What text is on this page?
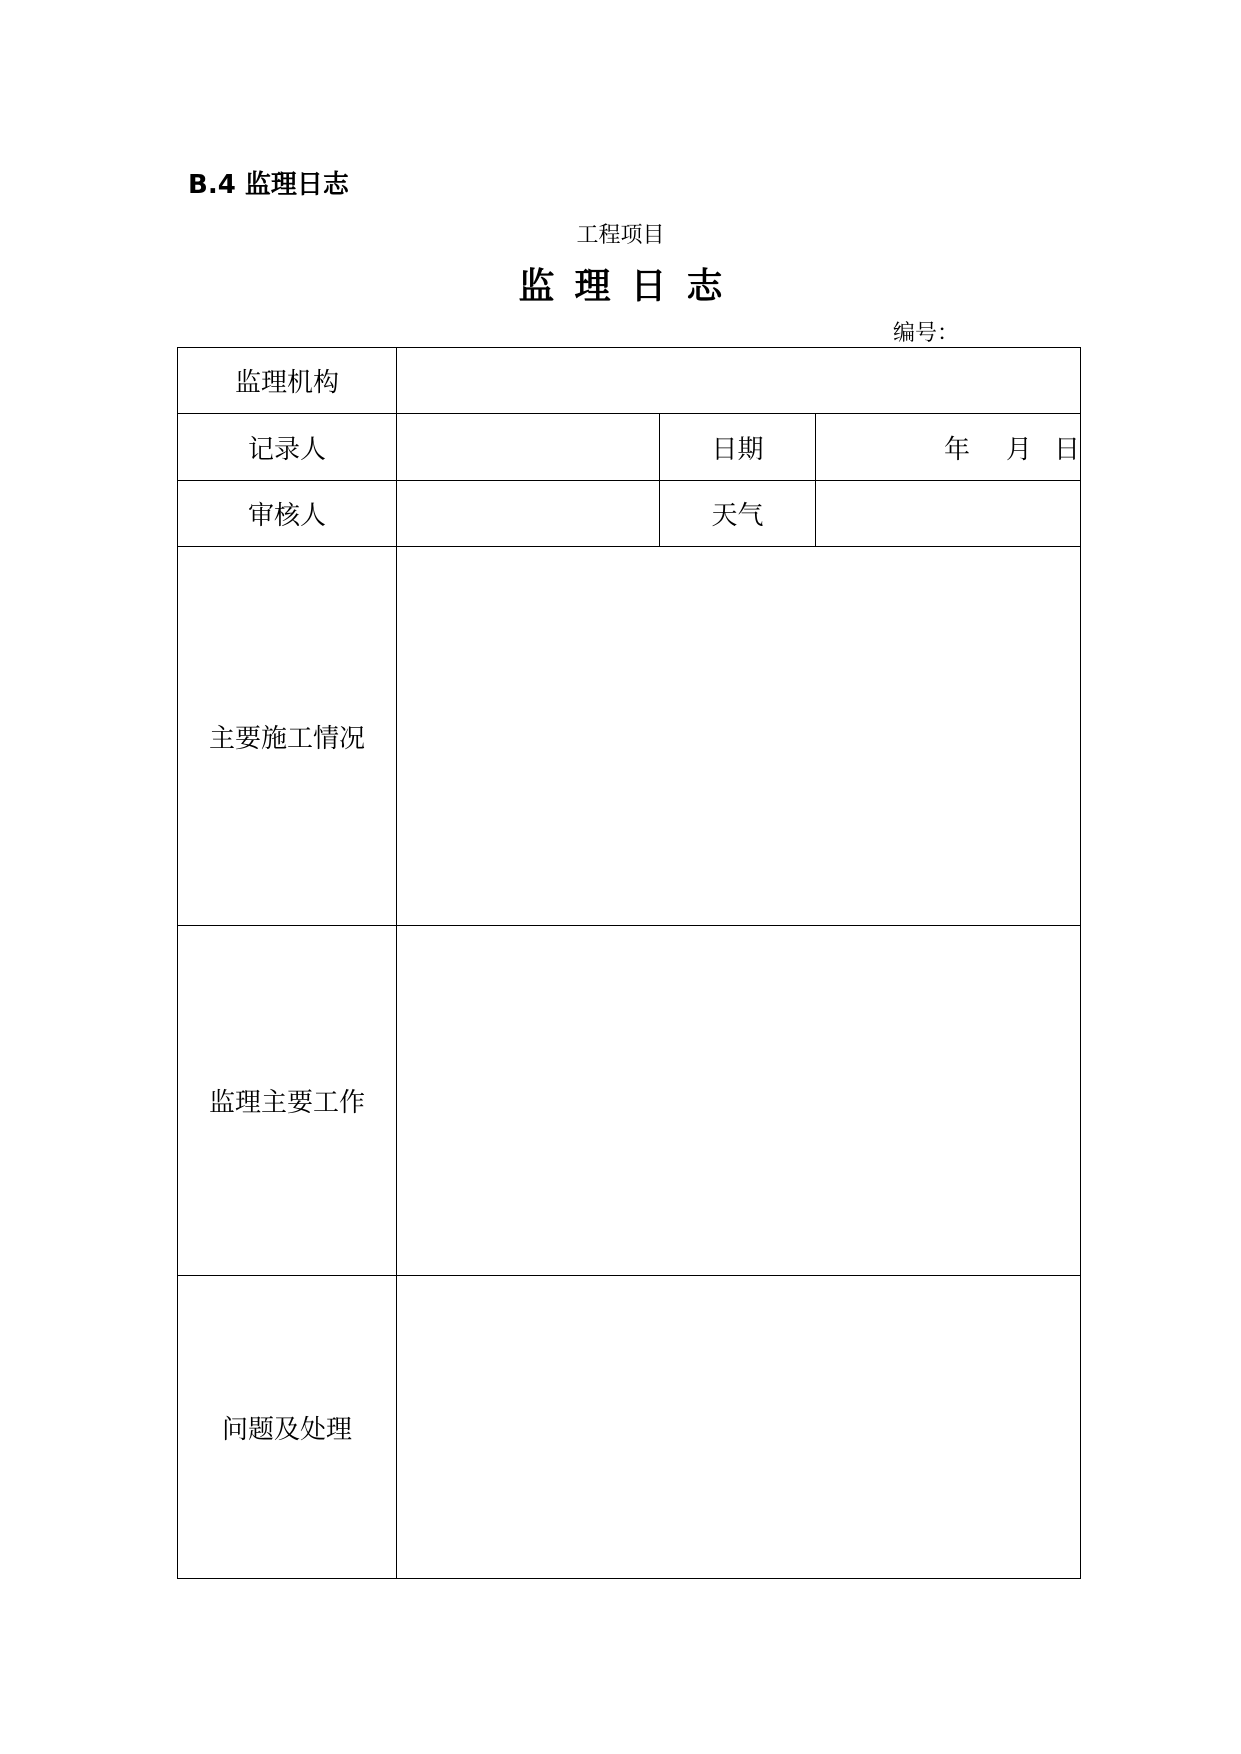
B.4 监理日志
工程项目
监理日志
编号：
监理机构			
记录人		日期	年 月 日
审核人		天气	
主要施工情况			
监理主要工作			
问题及处理			
